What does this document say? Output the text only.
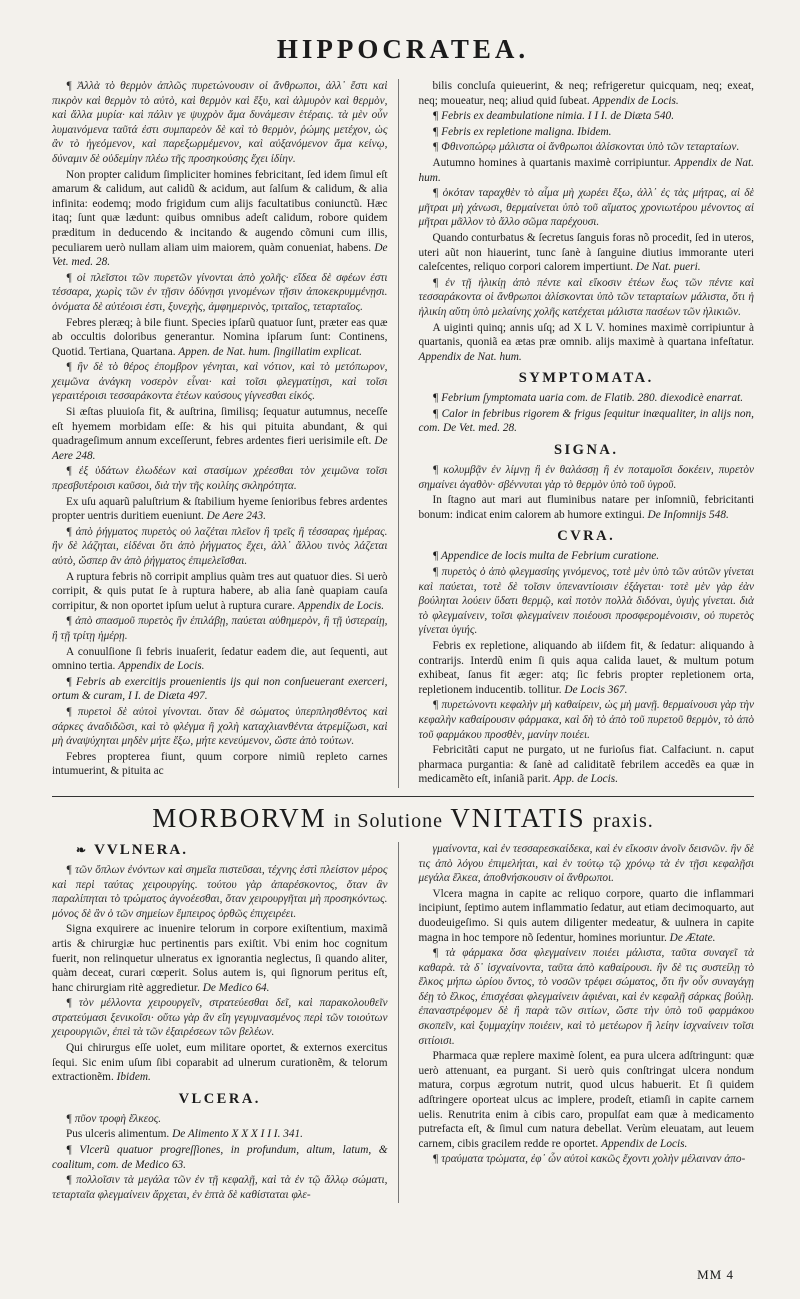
HIPPOCRATEA.

¶ Ἀλλὰ τὸ θερμὸν ἀπλῶς πυρετώνουσιν οἱ ἄνθρωποι, ἀλλ᾽ ἔστι καὶ πικρὸν καὶ θερμὸν τὸ αὐτὸ, καὶ θερμὸν καὶ ἕξυ, καὶ ἁλμυρὸν καὶ θερμὸν, καὶ ἄλλα μυρία· καὶ πάλιν γε ψυχρὸν ἅμα δυνάμεσιν ἑτέραις. τὰ μὲν οὖν λυμαινόμενα ταῦτά ἐστι συμπαρεὸν δὲ καὶ τὸ θερμὸν, ῥώμης μετέχον, ὡς ἂν τὸ ἡγεόμενον, καὶ παρεξωρμέμενον, καὶ αὐξανόμενον ἅμα κείνῳ, δύναμιν δὲ οὐδεμίην πλέω τῆς προσηκούσης ἔχει ἰδίην.

Non propter calidum ſimpliciter homines febricitant, ſed idem ſimul eſt amarum & calidum, aut calidũ & acidum, aut ſalſum & calidum, & alia infinita: eodemq; modo frigidum cum alijs facultatibus coniunctũ. Hæc itaq; ſunt quæ lædunt: quibus omnibus adeſt calidum, robore quidem præditum in deducendo & incitando & augendo cõmuni cum illis, peculiarem uerò nullam aliam uim maiorem, quàm conueniat, habens. De Vet. med. 28.

¶ οἱ πλεῖστοι τῶν πυρετῶν γίνονται ἀπὸ χολῆς· εἴδεα δὲ σφέων ἐστι τέσσαρα, χωρὶς τῶν ἐν τῇσιν ὀδύνῃσι γινομένων τῇσιν ἀποκεκρυμμένῃσι. ὀνόματα δὲ αὐτέοισι ἐστι, ξυνεχὴς, ἀμφημερινὸς, τριταῖος, τεταρταῖος.

Febres pleræq; à bile fiunt. Species ipſarũ quatuor ſunt, præter eas quæ ab occultis doloribus generantur. Nomina ipſarum ſunt: Continens, Quotid. Tertiana, Quartana. Appen. de Nat. hum. ſingillatim explicat.

¶ ἢν δὲ τὸ θέρος ἐπομβρον γένηται, καὶ νότιον, καὶ τὸ μετόπωρον, χειμῶνα ἀνάγκη νοσερὸν εἶναι· καὶ τοῖσι φλεγματίῃσι, καὶ τοῖσι γεραιτέροισι τεσσαράκοντα ἐτέων καύσους γίγνεσθαι εἰκός.

Si æſtas pluuioſa fit, & auſtrina, ſimilisq; ſequatur autumnus, neceſſe eſt hyemem morbidam eſſe: & his qui pituita abundant, & qui quadrageſimum annum exceſſerunt, febres ardentes fieri uerisimile eſt. De Aere 248.

¶ ἐξ ὑδάτων ἑλωδέων καὶ στασίμων χρέεσθαι τὸν χειμῶνα τοῖσι πρεσβυτέροισι καῦσοι, διὰ τὴν τῆς κοιλίης σκληρότητα.

Ex uſu aquarũ paluſtrium & ſtabilium hyeme ſenioribus febres ardentes propter uentris duritiem eueniunt. De Aere 243.

¶ ἀπὸ ῥήγματος πυρετὸς οὐ λαζέται πλεῖον ἢ τρεῖς ἢ τέσσαρας ἡμέρας. ἢν δὲ λάζηται, εἰδέναι ὅτι ἀπὸ ῥήγματος ἔχει, ἀλλ᾽ ἄλλου τινὸς λάζεται αὐτὸ, ὥσπερ ἂν ἀπὸ ῥήγματος ἐπιμελεῖσθαι.

A ruptura febris nõ corripit amplius quàm tres aut quatuor dies. Si uerò corripit, & quis putat ſe à ruptura habere, ab alia ſanè quapiam cauſa corripitur, & non oportet ipſum uelut à ruptura curare. Appendix de Locis.

¶ ἀπὸ σπασμοῦ πυρετὸς ἢν ἐπιλάβῃ, παύεται αὐθημερὸν, ἢ τῇ ὑστεραίῃ, ἢ τῇ τρίτῃ ἡμέρῃ.

A conuulſione ſi febris inuaſerit, ſedatur eadem die, aut ſequenti, aut omnino tertia. Appendix de Locis.

¶ Febris ab exercitijs prouenientis ijs qui non conſueuerant exerceri, ortum & curam, I I. de Diæta 497.

¶ πυρετοὶ δὲ αὐτοὶ γίνονται. ὅταν δὲ σώματος ὑπερπλησθέντος καὶ σάρκες ἀναδιδῶσι, καὶ τὸ φλέγμα ἢ χολὴ καταχλιανθέντα ἀτρεμίζωσι, καὶ μὴ ἀναψύχηται μηδὲν μήτε ἔξω, μήτε κενεύμενον, ὥστε ἀπὸ τούτων.

Febres propterea fiunt, quum corpore nimiũ repleto carnes intumuerint, & pituita ac

bilis concluſa quieuerint, & neq; refrigeretur quicquam, neq; exeat, neq; moueatur, neq; aliud quid ſubeat. Appendix de Locis.

¶ Febris ex deambulatione nimia. I I I. de Diæta 540.

¶ Febris ex repletione maligna. Ibidem.

¶ Φθινοπώρῳ μάλιστα οἱ ἄνθρωποι ἁλίσκονται ὑπὸ τῶν τεταρταίων.

Autumno homines à quartanis maximè corripiuntur. Appendix de Nat. hum.

¶ ὁκόταν ταραχθὲν τὸ αἷμα μὴ χωρέει ἔξω, ἀλλ᾽ ἐς τὰς μήτρας, αἱ δὲ μῆτραι μὴ χάνωσι, θερμαίνεται ὑπὸ τοῦ αἵματος χρονιωτέρου μένοντος αἱ μῆτραι μᾶλλον τὸ ἄλλο σῶμα παρέχουσι.

Quando conturbatus & ſecretus ſanguis foras nõ procedit, ſed in uteros, uteri aũt non hiauerint, tunc ſanè à ſanguine diutius immorante uteri caleſcentes, reliquo corpori calorem impertiunt. De Nat. pueri.

¶ ἐν τῇ ἡλικίῃ ἀπὸ πέντε καὶ εἴκοσιν ἐτέων ἕως τῶν πέντε καὶ τεσσαράκοντα οἱ ἄνθρωποι ἁλίσκονται ὑπὸ τῶν τεταρταίων μάλιστα, ὅτι ἡ ἡλικίη αὕτη ὑπὸ μελαίνης χολῆς κατέχεται μάλιστα πασέων τῶν ἡλικιῶν.

A uiginti quinq; annis uſq; ad X L V. homines maximè corripiuntur à quartanis, quoniã ea ætas præ omnib. alijs maximè à quartana infeſtatur. Appendix de Nat. hum.

SYMPTOMATA.

¶ Febrium ſymptomata uaria com. de Flatib. 280. diexodicè enarrat.

¶ Calor in febribus rigorem & frigus ſequitur inæqualiter, in alijs non, com. De Vet. med. 28.

SIGNA.

¶ κολυμβᾷν ἐν λίμνῃ ἢ ἐν θαλάσσῃ ἢ ἐν ποταμοῖσι δοκέειν, πυρετὸν σημαίνει ἀγαθὸν· σβέννυται γὰρ τὸ θερμὸν ὑπὸ τοῦ ὑγροῦ.

In ſtagno aut mari aut fluminibus natare per inſomniũ, febricitanti bonum: indicat enim calorem ab humore extingui. De Inſomnijs 548.

CVRA.

¶ Appendice de locis multa de Febrium curatione.

¶ πυρετὸς ὁ ἀπὸ φλεγμασίης γινόμενος, τοτὲ μὲν ὑπὸ τῶν αὐτῶν γίνεται καὶ παύεται, τοτὲ δὲ τοῖσιν ὑπεναντίοισιν ἐξάγεται· τοτὲ μὲν γὰρ ἐὰν βούληται λούειν ὕδατι θερμῷ, καὶ ποτὸν πολλὰ διδόναι, ὑγιὴς γίνεται. διὰ τὸ φλεγμαίνειν, τοῖσι φλεγμαίνειν ποιέουσι προσφερομένοισιν, οὐ πυρετὸς γίνεται ὑγιής.

Febris ex repletione, aliquando ab iiſdem fit, & ſedatur: aliquando à contrarijs. Interdũ enim ſi quis aqua calida lauet, & multum potum exhibeat, ſanus fit æger: atq; ſic febris propter repletionem orta, repletionem inducentib. tollitur. De Locis 367.

¶ πυρετώνοντι κεφαλὴν μὴ καθαίρειν, ὡς μὴ μανῇ. θερμαίνουσι γὰρ τὴν κεφαλὴν καθαίρουσιν φάρμακα, καὶ δὴ τὸ ἀπὸ τοῦ πυρετοῦ θερμὸν, τὸ ἀπὸ τοῦ φαρμάκου προσθὲν, μανίην ποιέει.

Febricitãti caput ne purgato, ut ne furioſus fiat. Calfaciunt. n. caput pharmaca purgantia: & ſanè ad caliditatẽ febrilem accedẽs ea quæ in medicamẽto eſt, inſaniã parit. App. de Locis.

MORBORVM in Solutione VNITATIS praxis.
❧ VVLNERA.

¶ τῶν ὅπλων ἐνόντων καὶ σημεῖα πιστεῦσαι, τέχνης ἐστὶ πλείστον μέρος καὶ περὶ ταύτας χειρουργίης. τούτου γὰρ ἀπαρέσκοντος, ὅταν ἂν παραλίπηται τὸ τρώματος ἀγνοέεσθαι, ὅταν χειρουργῆται μὴ προσηκόντως. μόνος δὲ ἂν ὁ τῶν σημείων ἔμπειρος ὀρθῶς ἐπιχειρέει.

Signa exquirere ac inuenire telorum in corpore exiſtentium, maximã artis & chirurgiæ huc pertinentis pars exiſtit. Vbi enim hoc cognitum fuerit, non relinquetur ulneratus ex ignorantia neglectus, ſi quando aliter, quàm deceat, curari cœperit. Solus autem is, qui ſignorum peritus eſt, hanc chirurgiam ritè aggredietur. De Medico 64.

¶ τὸν μέλλοντα χειρουργεῖν, στρατεύεσθαι δεῖ, καὶ παρακολουθεῖν στρατεύμασι ξενικοῖσι· οὕτω γὰρ ἂν εἴη γεγυμνασμένος περὶ τῶν τοιούτων χειρουργιῶν, ἐπεὶ τὰ τῶν ἐξαιρέσεων τῶν βελέων.

Qui chirurgus eſſe uolet, eum militare oportet, & externos exercitus ſequi. Sic enim uſum ſibi coparabit ad ulnerum curationẽm, & telorum extractionẽm. Ibidem.

VLCERA.

¶ πῦον τροφὴ ἕλκεος.

Pus ulceris alimentum. De Alimento X X X I I I. 341.

¶ Vlcerũ quatuor progreſſiones, in profundum, altum, latum, & coalitum, com. de Medico 63.

¶ πολλοῖσιν τὰ μεγάλα τῶν ἐν τῇ κεφαλῇ, καὶ τὰ ἐν τῷ ἄλλῳ σώματι, τεταρταῖα φλεγμαίνειν ἄρχεται, ἐν ἑπτὰ δὲ καθίσταται φλε-

γμαίνοντα, καὶ ἐν τεσσαρεσκαίδεκα, καὶ ἐν εἴκοσιν ἀνοῖν δεισνῶν. ἢν δὲ τις ἀπὸ λόγου ἐπιμελήται, καὶ ἐν τούτῳ τῷ χρόνῳ τὰ ἐν τῇσι κεφαλῇσι μεγάλα ἕλκεα, ἀποθνήσκουσιν οἱ ἄνθρωποι.

Vlcera magna in capite ac reliquo corpore, quarto die inflammari incipiunt, ſeptimo autem inflammatio ſedatur, aut etiam decimoquarto, aut duodeuigeſimo. Si quis autem diligenter medeatur, & uulnera in capite magna in hoc tempore nõ ſedentur, homines moriuntur. De Ætate.

¶ τὰ φάρμακα ὅσα φλεγμαίνειν ποιέει μάλιστα, ταῦτα συναγεῖ τὰ καθαρὰ. τὰ δ᾽ ἰσχναίνοντα, ταῦτα ἀπὸ καθαίρουσι. ἢν δὲ τις συστείλῃ τὸ ἕλκος μήπω ώρίου ὄντος, τὸ νοσῶν τρέφει σώματος, ὅτι ἢν οὖν συναγάγῃ δέῃ τὸ ἕλκος, ἐπισχέσαι φλεγμαίνειν ἀφιέναι, καὶ ἐν κεφαλῇ σάρκας βούλῃ. ἐπαναστρέφομεν δὲ ἢ παρὰ τῶν σιτίων, ὥστε τὴν ὑπὸ τοῦ φαρμάκου σκοπεῖν, καὶ ξυμμαχίην ποιέειν, καὶ τὸ μετέωρον ἢ λείην ἰσχναίνειν τοῖσι σιτίοισι.

Pharmaca quæ replere maximè ſolent, ea pura ulcera adſtringunt: quæ uerò attenuant, ea purgant. Si uerò quis conſtringat ulcera nondum matura, corpus ægrotum nutrit, quod ulcus habuerit. Et ſi quidem adſtringere oporteat ulcus ac implere, prodeſt, etiamſi in capite carnem uelis. Renutrita enim à cibis caro, propulſat eam quæ à medicamento putrefacta eſt, & ſimul cum natura debellat. Verùm eleuatam, aut leuem carnem, cibis gracilem redde re oportet. Appendix de Locis.

¶ τραύματα τρώματα, ἐφ᾽ ὧν αὐτοὶ κακῶς ἔχοντι χολὴν μέλαιναν ἀπο-

MM 4
